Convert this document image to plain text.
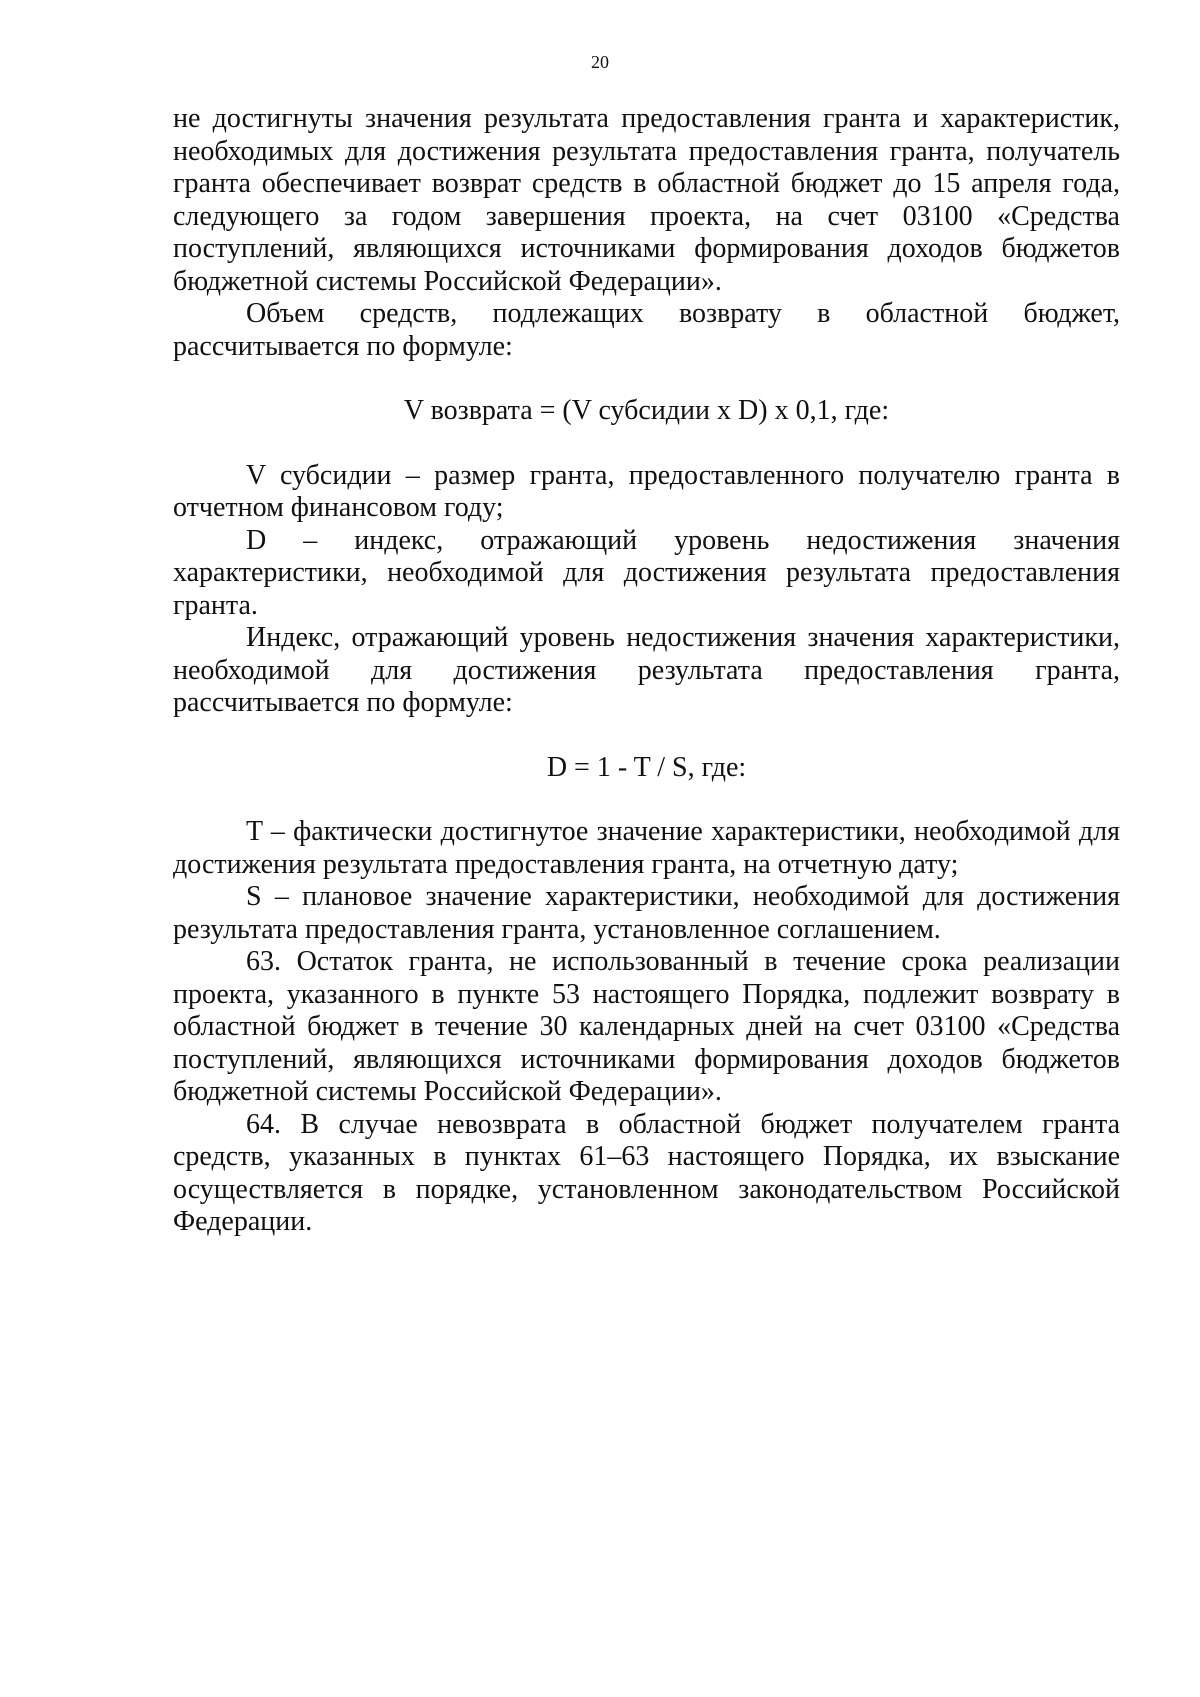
20

не достигнуты значения результата предоставления гранта и характеристик, необходимых для достижения результата предоставления гранта, получатель гранта обеспечивает возврат средств в областной бюджет до 15 апреля года, следующего за годом завершения проекта, на счет 03100 «Средства поступлений, являющихся источниками формирования доходов бюджетов бюджетной системы Российской Федерации».

Объем средств, подлежащих возврату в областной бюджет, рассчитывается по формуле:

V возврата = (V субсидии x D) x 0,1, где:

V субсидии – размер гранта, предоставленного получателю гранта в отчетном финансовом году;

D – индекс, отражающий уровень недостижения значения характеристики, необходимой для достижения результата предоставления гранта.

Индекс, отражающий уровень недостижения значения характеристики, необходимой для достижения результата предоставления гранта, рассчитывается по формуле:

D = 1 - T / S, где:

T – фактически достигнутое значение характеристики, необходимой для достижения результата предоставления гранта, на отчетную дату;

S – плановое значение характеристики, необходимой для достижения результата предоставления гранта, установленное соглашением.

63. Остаток гранта, не использованный в течение срока реализации проекта, указанного в пункте 53 настоящего Порядка, подлежит возврату в областной бюджет в течение 30 календарных дней на счет 03100 «Средства поступлений, являющихся источниками формирования доходов бюджетов бюджетной системы Российской Федерации».

64. В случае невозврата в областной бюджет получателем гранта средств, указанных в пунктах 61–63 настоящего Порядка, их взыскание осуществляется в порядке, установленном законодательством Российской Федерации.
